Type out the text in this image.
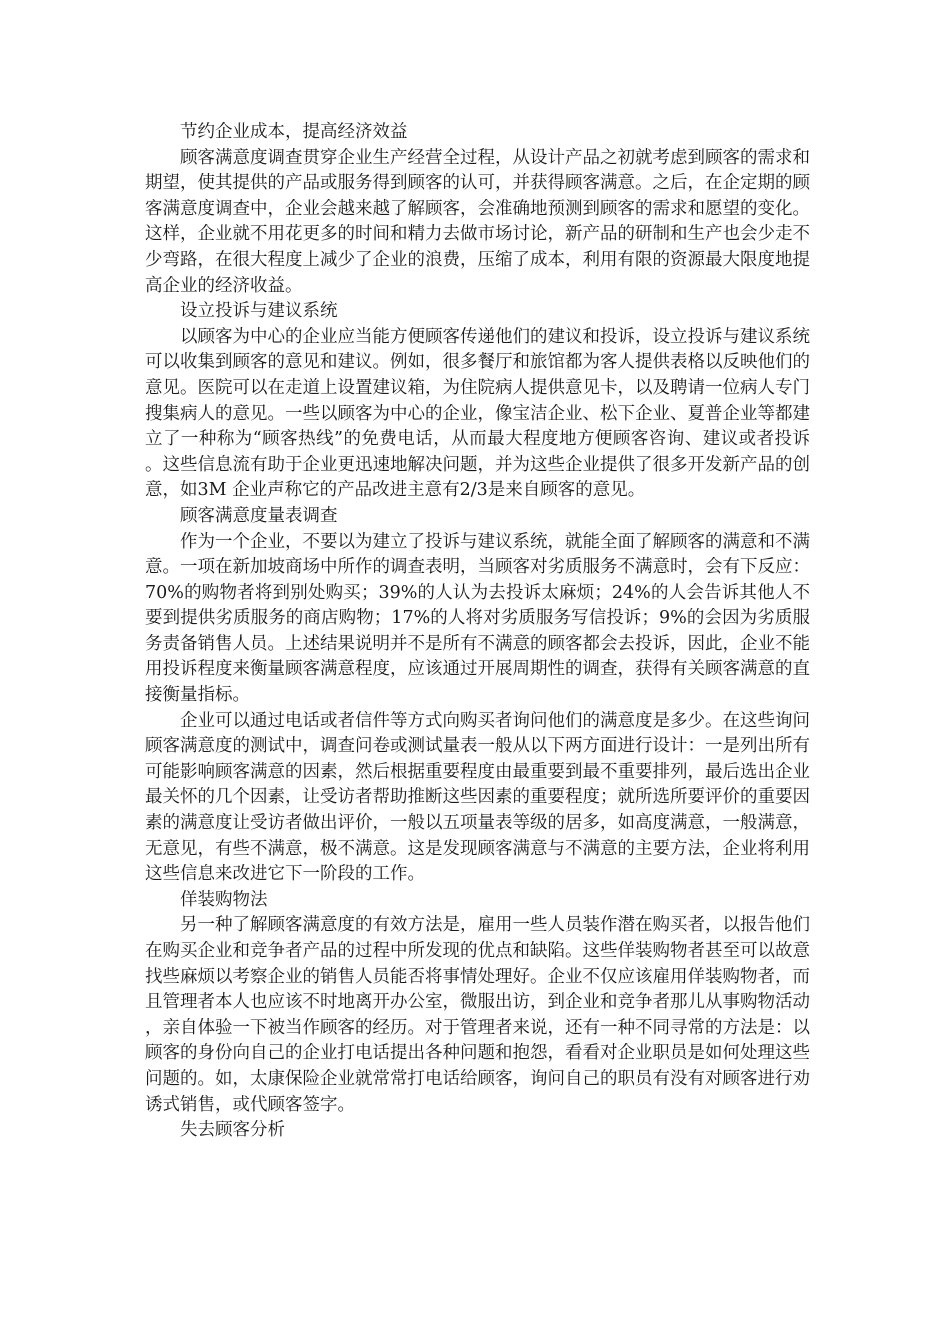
节约企业成本，提高经济效益

顾客满意度调查贯穿企业生产经营全过程，从设计产品之初就考虑到顾客的需求和期望，使其提供的产品或服务得到顾客的认可，并获得顾客满意。之后，在企定期的顾客满意度调查中，企业会越来越了解顾客，会准确地预测到顾客的需求和愿望的变化。这样，企业就不用花更多的时间和精力去做市场讨论，新产品的研制和生产也会少走不少弯路，在很大程度上减少了企业的浪费，压缩了成本，利用有限的资源最大限度地提高企业的经济收益。

设立投诉与建议系统

以顾客为中心的企业应当能方便顾客传递他们的建议和投诉，设立投诉与建议系统可以收集到顾客的意见和建议。例如，很多餐厅和旅馆都为客人提供表格以反映他们的意见。医院可以在走道上设置建议箱，为住院病人提供意见卡，以及聘请一位病人专门搜集病人的意见。一些以顾客为中心的企业，像宝洁企业、松下企业、夏普企业等都建立了一种称为“顾客热线”的免费电话，从而最大程度地方便顾客咨询、建议或者投诉。这些信息流有助于企业更迅速地解决问题，并为这些企业提供了很多开发新产品的创意，如3M 企业声称它的产品改进主意有2/3是来自顾客的意见。

顾客满意度量表调查

作为一个企业，不要以为建立了投诉与建议系统，就能全面了解顾客的满意和不满意。一项在新加坡商场中所作的调查表明，当顾客对劣质服务不满意时，会有下反应：70%的购物者将到别处购买；39%的人认为去投诉太麻烦；24%的人会告诉其他人不要到提供劣质服务的商店购物；17%的人将对劣质服务写信投诉；9%的会因为劣质服务责备销售人员。上述结果说明并不是所有不满意的顾客都会去投诉，因此，企业不能用投诉程度来衡量顾客满意程度，应该通过开展周期性的调查，获得有关顾客满意的直接衡量指标。

企业可以通过电话或者信件等方式向购买者询问他们的满意度是多少。在这些询问顾客满意度的测试中，调查问卷或测试量表一般从以下两方面进行设计：一是列出所有可能影响顾客满意的因素，然后根据重要程度由最重要到最不重要排列，最后选出企业最关怀的几个因素，让受访者帮助推断这些因素的重要程度；就所选所要评价的重要因素的满意度让受访者做出评价，一般以五项量表等级的居多，如高度满意，一般满意，无意见，有些不满意，极不满意。这是发现顾客满意与不满意的主要方法，企业将利用这些信息来改进它下一阶段的工作。

佯装购物法

另一种了解顾客满意度的有效方法是，雇用一些人员装作潜在购买者，以报告他们在购买企业和竞争者产品的过程中所发现的优点和缺陷。这些佯装购物者甚至可以故意找些麻烦以考察企业的销售人员能否将事情处理好。企业不仅应该雇用佯装购物者，而且管理者本人也应该不时地离开办公室，微服出访，到企业和竞争者那儿从事购物活动，亲自体验一下被当作顾客的经历。对于管理者来说，还有一种不同寻常的方法是：以顾客的身份向自己的企业打电话提出各种问题和抱怨，看看对企业职员是如何处理这些问题的。如，太康保险企业就常常打电话给顾客，询问自己的职员有没有对顾客进行劝诱式销售，或代顾客签字。

失去顾客分析
